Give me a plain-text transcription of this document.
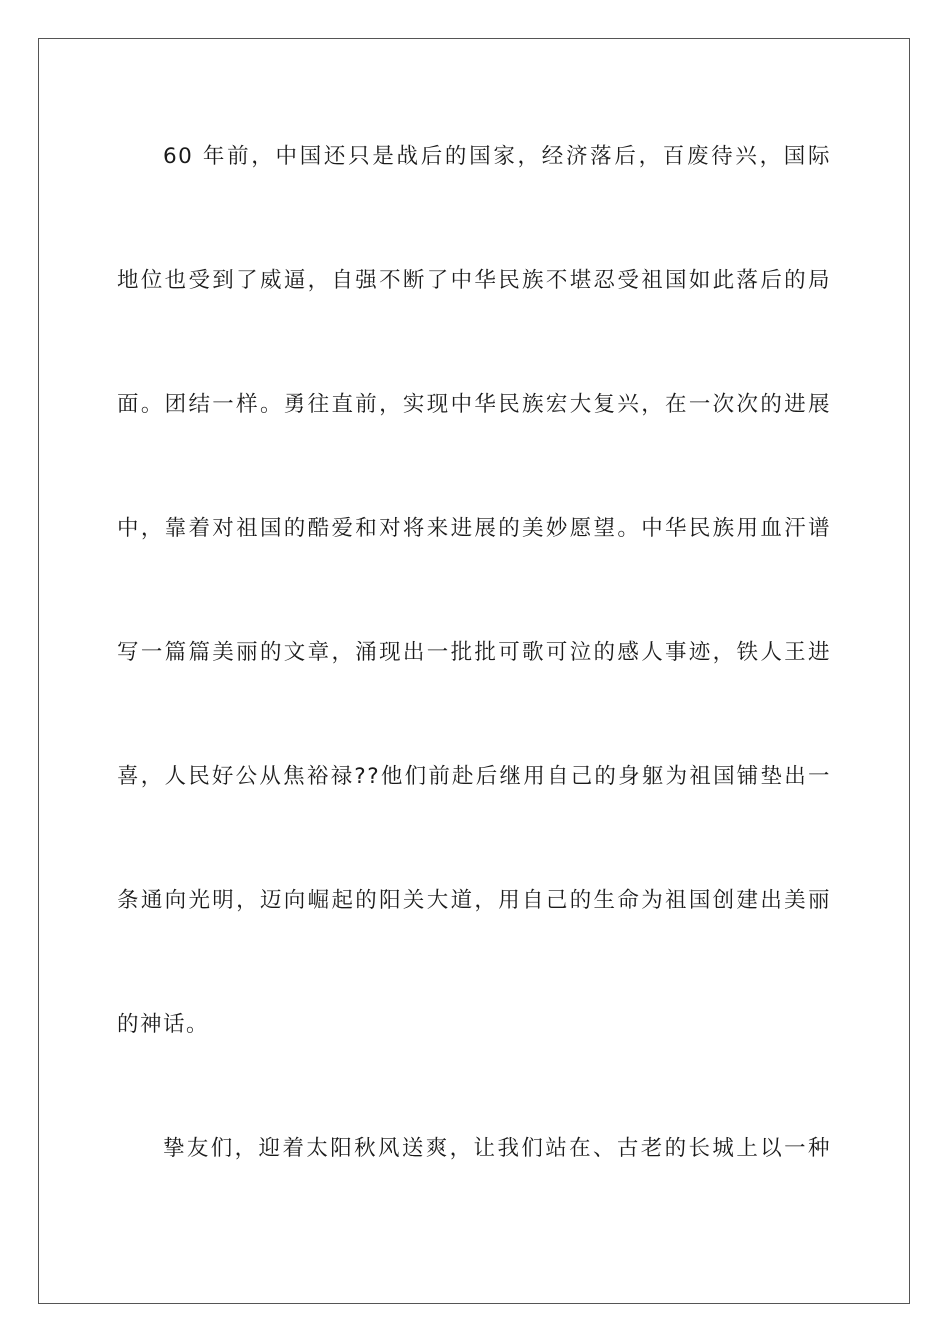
60 年前，中国还只是战后的国家，经济落后，百废待兴，国际
地位也受到了威逼，自强不断了中华民族不堪忍受祖国如此落后的局
面。团结一样。勇往直前，实现中华民族宏大复兴，在一次次的进展
中，靠着对祖国的酷爱和对将来进展的美妙愿望。中华民族用血汗谱
写一篇篇美丽的文章，涌现出一批批可歌可泣的感人事迹，铁人王进
喜，人民好公从焦裕禄??他们前赴后继用自己的身躯为祖国铺垫出一
条通向光明，迈向崛起的阳关大道，用自己的生命为祖国创建出美丽
的神话。
挚友们，迎着太阳秋风送爽，让我们站在、古老的长城上以一种
